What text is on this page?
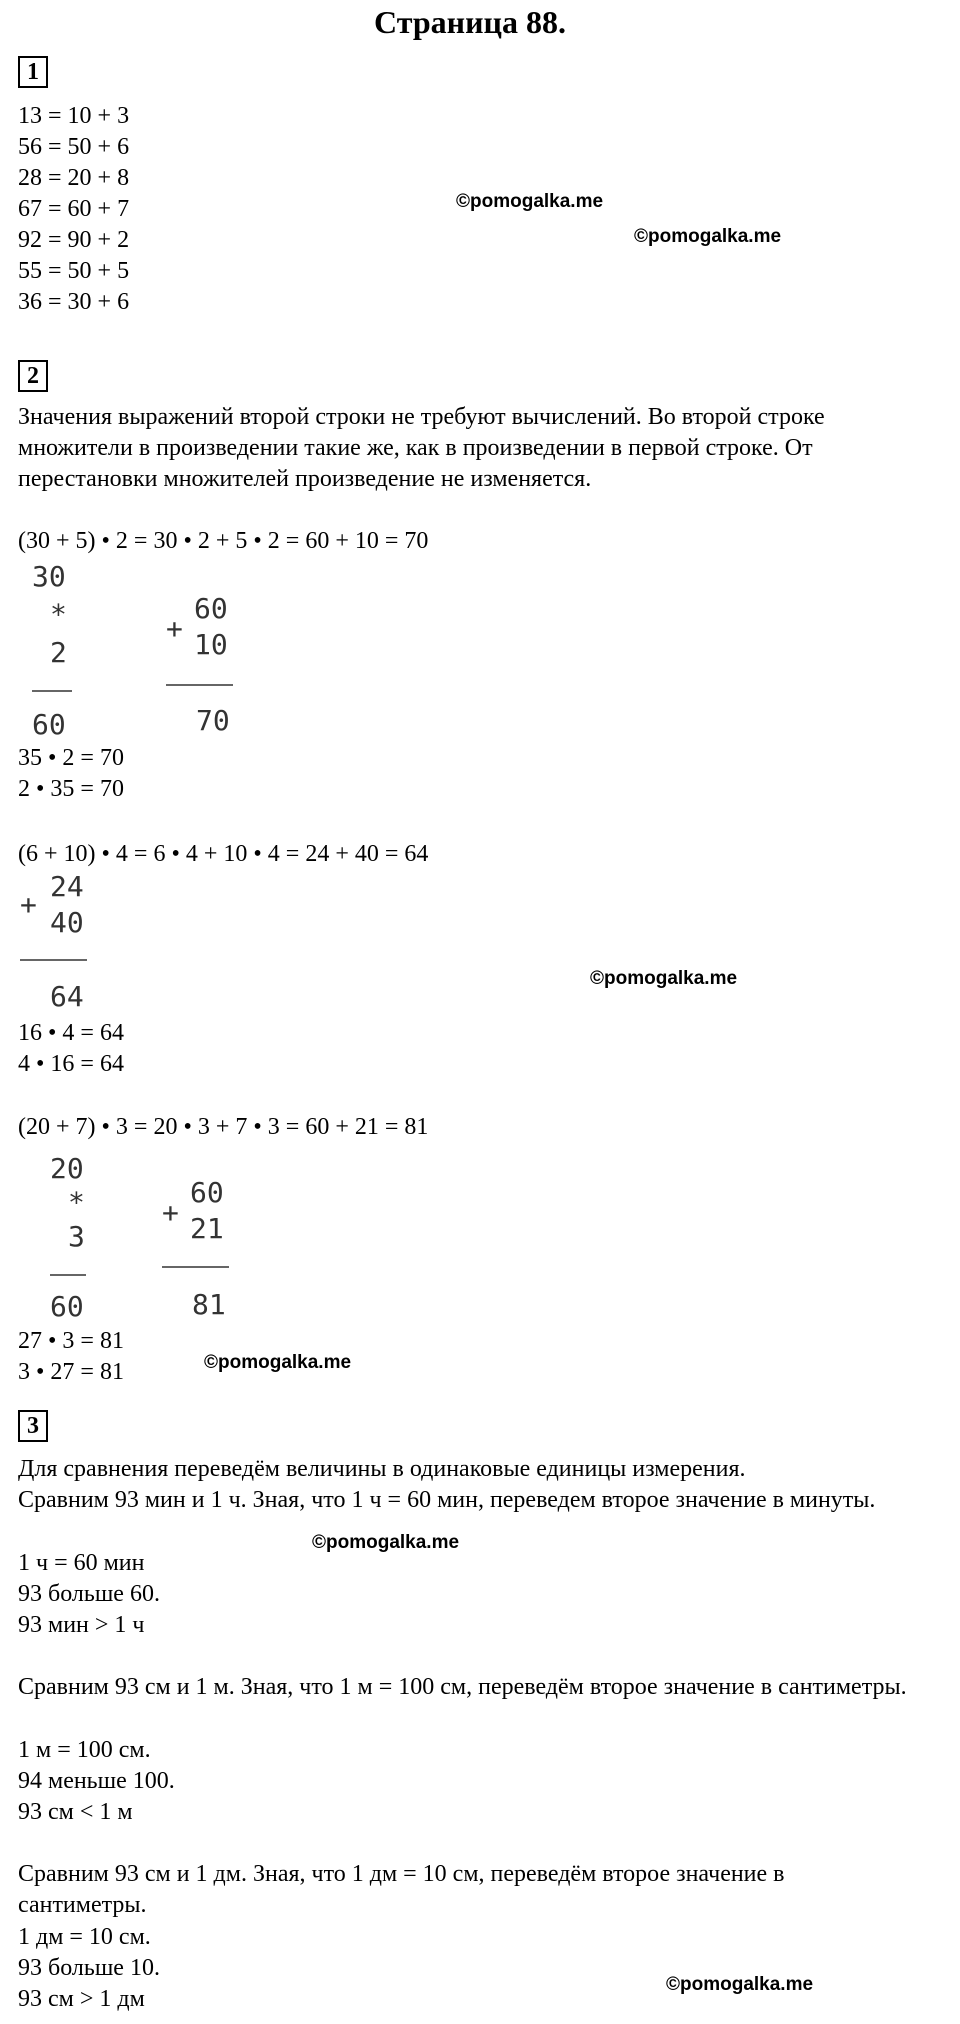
Страница 88.
1
13 = 10 + 3
56 = 50 + 6
28 = 20 + 8
67 = 60 + 7
92 = 90 + 2
55 = 50 + 5
36 = 30 + 6
2
Значения выражений второй строки не требуют вычислений. Во второй строке множители в произведении такие же, как в произведении в первой строке. От перестановки множителей произведение не изменяется.
(30 + 5) • 2 = 30 • 2 + 5 • 2 = 60 + 10 = 70
30
*
2
60
+
60
10
70
35 • 2 = 70
2 • 35 = 70
(6 + 10) • 4 = 6 • 4 + 10 • 4 = 24 + 40 = 64
+
24
40
64
16 • 4 = 64
4 • 16 = 64
(20 + 7) • 3 = 20 • 3 + 7 • 3 = 60 + 21 = 81
20
*
3
60
+
60
21
81
27 • 3 = 81
3 • 27 = 81
3
Для сравнения переведём величины в одинаковые единицы измерения.
Сравним 93 мин и 1 ч. Зная, что 1 ч = 60 мин, переведем второе значение в минуты.
1 ч = 60 мин
93 больше 60.
93 мин > 1 ч
Сравним 93 см и 1 м. Зная, что 1 м = 100 см, переведём второе значение в сантиметры.
1 м = 100 см.
94 меньше 100.
93 см < 1 м
Сравним 93 см и 1 дм. Зная, что 1 дм = 10 см, переведём второе значение в сантиметры.
1 дм = 10 см.
93 больше 10.
93 см > 1 дм
©pomogalka.me
©pomogalka.me
©pomogalka.me
©pomogalka.me
©pomogalka.me
©pomogalka.me
